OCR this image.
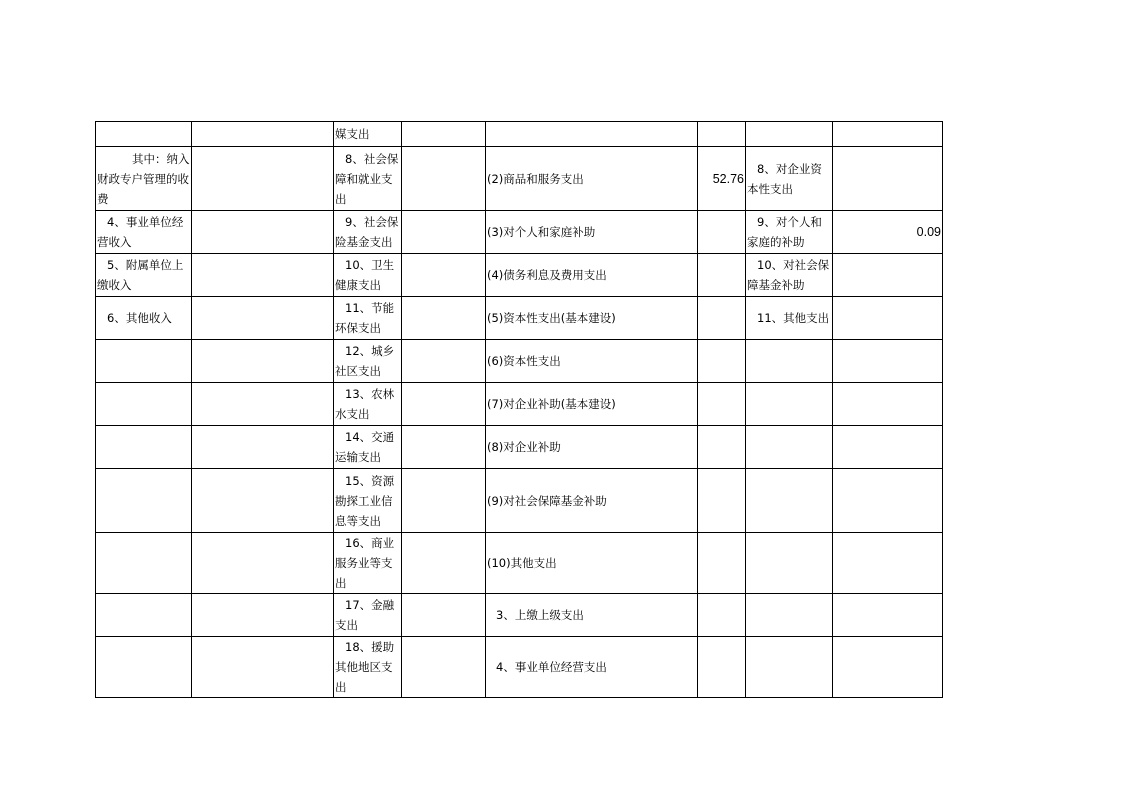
		媒支出					
其中：纳入财政专户管理的收费		8、社会保障和就业支出		(2)商品和服务支出	52.76	8、对企业资本性支出	
4、事业单位经营收入		9、社会保险基金支出		(3)对个人和家庭补助		9、对个人和家庭的补助	0.09
5、附属单位上缴收入		10、卫生健康支出		(4)债务利息及费用支出		10、对社会保障基金补助	
6、其他收入		11、节能环保支出		(5)资本性支出(基本建设)		11、其他支出	
		12、城乡社区支出		(6)资本性支出			
		13、农林水支出		(7)对企业补助(基本建设)			
		14、交通运输支出		(8)对企业补助			
		15、资源勘探工业信息等支出		(9)对社会保障基金补助			
		16、商业服务业等支出		(10)其他支出			
		17、金融支出		3、上缴上级支出			
		18、援助其他地区支出		4、事业单位经营支出			
